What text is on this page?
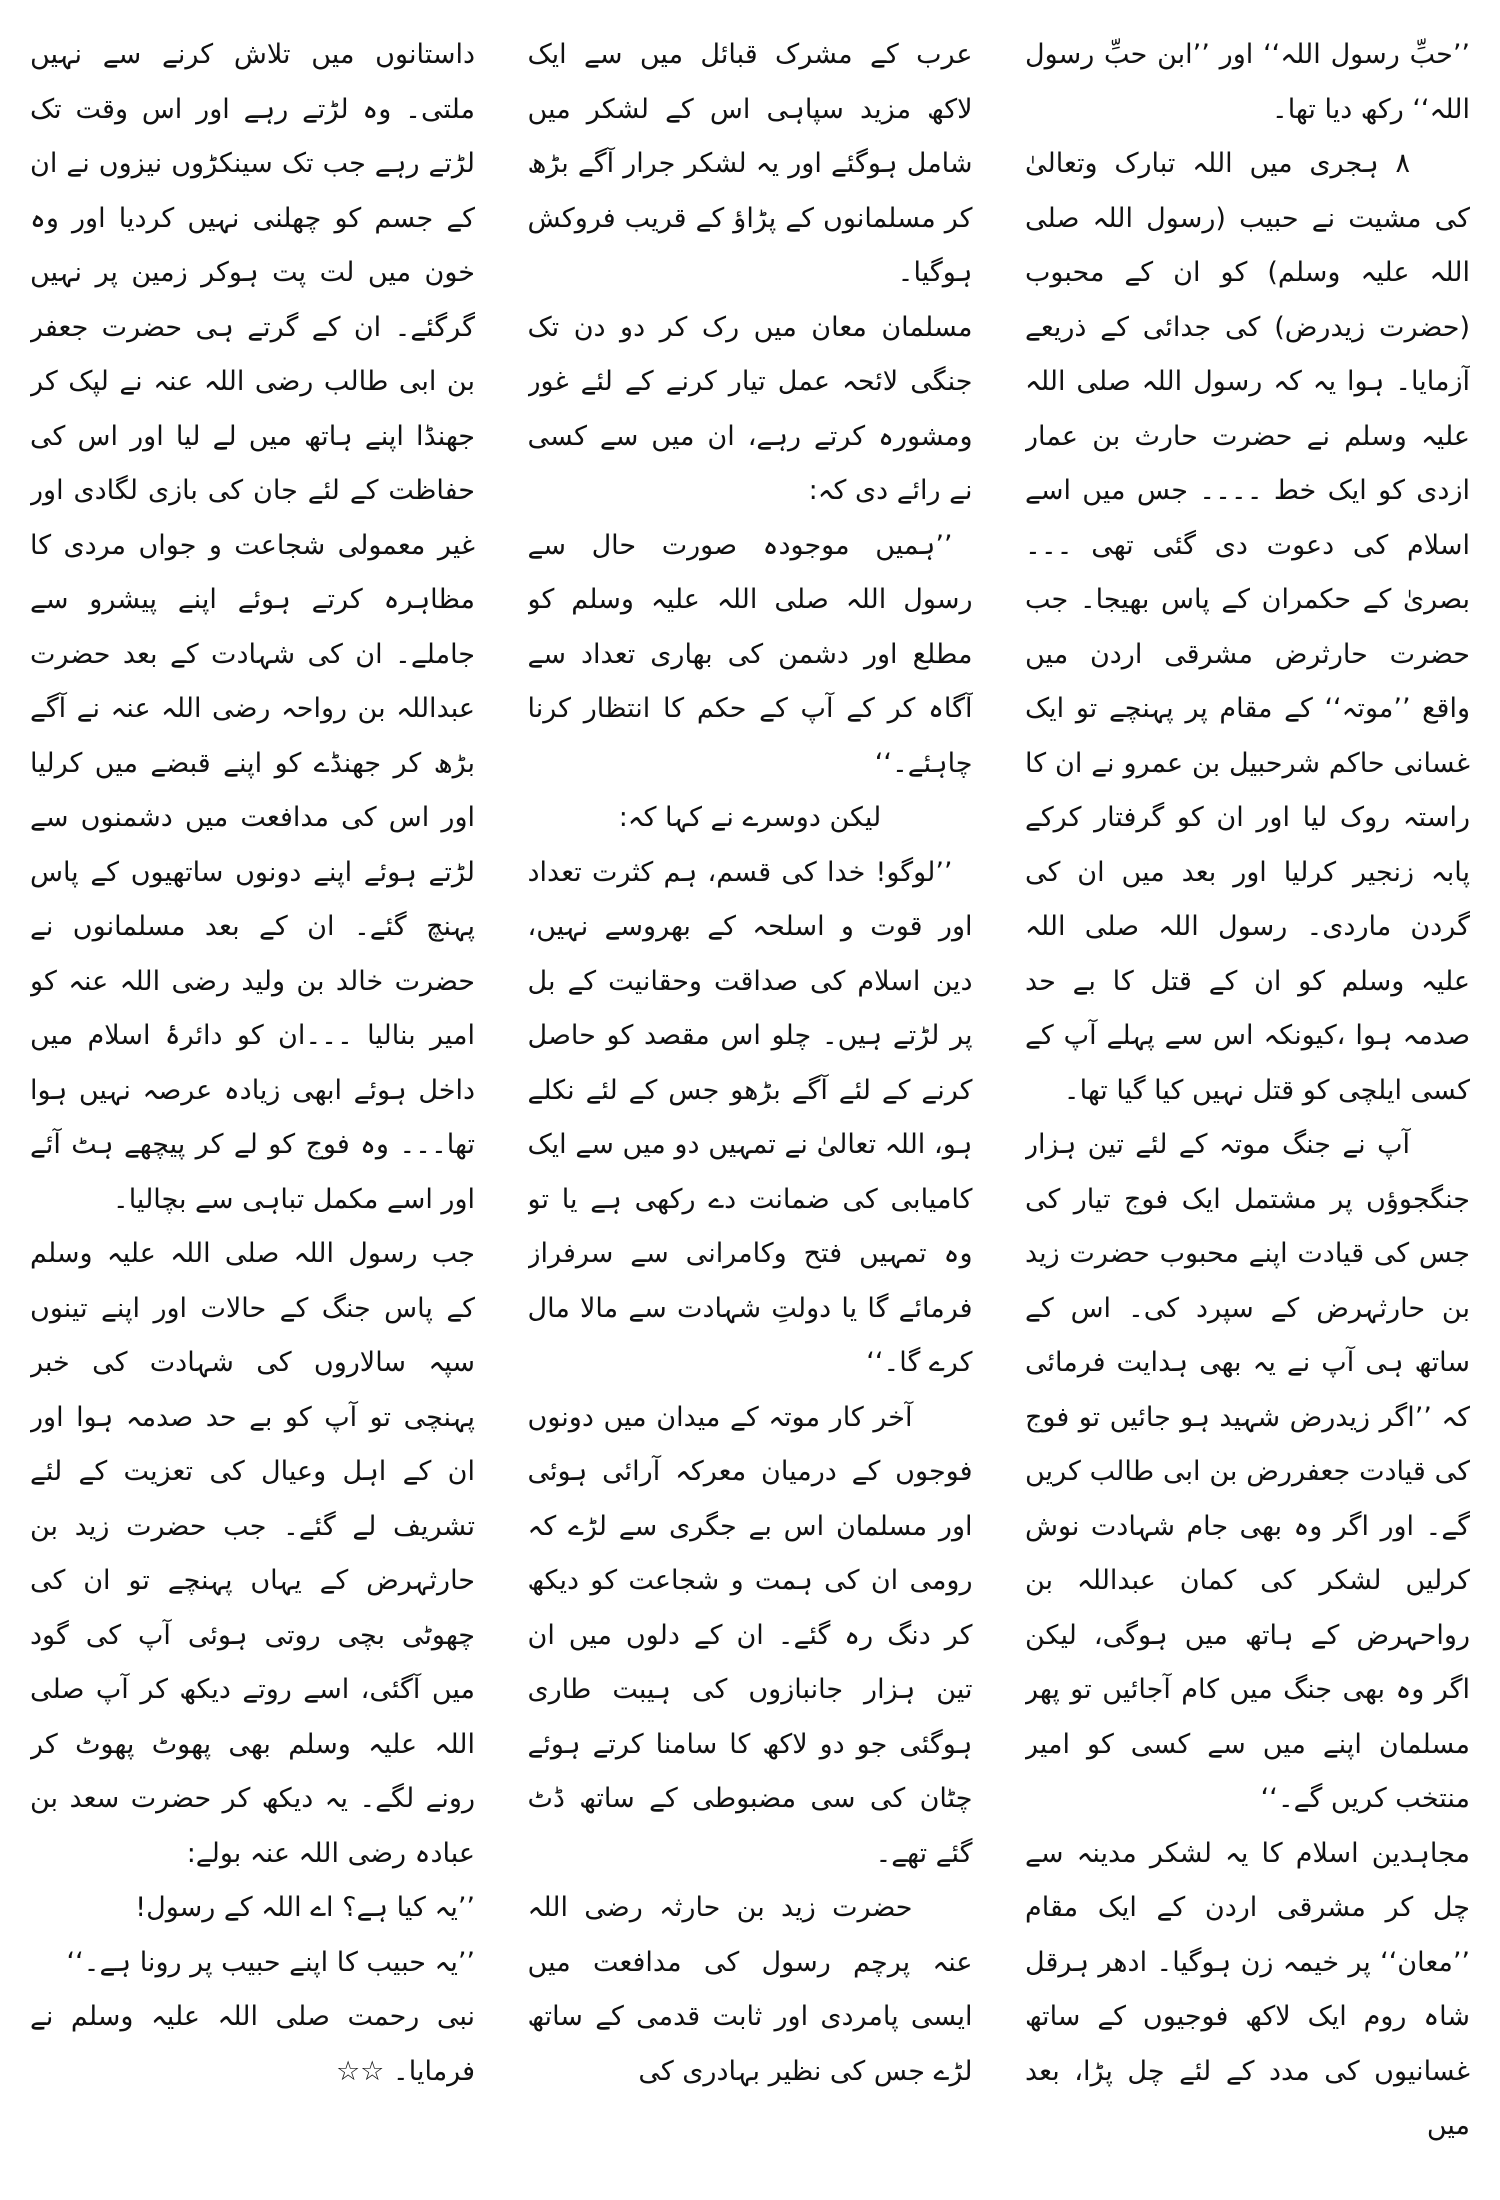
’’حبِّ رسول اللہ‘‘ اور ’’ابن حبِّ رسول اللہ‘‘ رکھ دیا تھا۔

۸ ہجری میں اللہ تبارک وتعالیٰ کی مشیت نے حبیب (رسول اللہ صلی اللہ علیہ وسلم) کو ان کے محبوب (حضرت زیدرض) کی جدائی کے ذریعے آزمایا۔ ہوا یہ کہ رسول اللہ صلی اللہ علیہ وسلم نے حضرت حارث بن عمار ازدی کو ایک خط ۔۔۔۔ جس میں اسے اسلام کی دعوت دی گئی تھی ۔۔۔ بصریٰ کے حکمران کے پاس بھیجا۔ جب حضرت حارثرض مشرقی اردن میں واقع ’’موتہ‘‘ کے مقام پر پہنچے تو ایک غسانی حاکم شرحبیل بن عمرو نے ان کا راستہ روک لیا اور ان کو گرفتار کرکے پابہ زنجیر کرلیا اور بعد میں ان کی گردن ماردی۔ رسول اللہ صلی اللہ علیہ وسلم کو ان کے قتل کا بے حد صدمہ ہوا ،کیونکہ اس سے پہلے آپ کے کسی ایلچی کو قتل نہیں کیا گیا تھا۔

آپ نے جنگ موتہ کے لئے تین ہزار جنگجوؤں پر مشتمل ایک فوج تیار کی جس کی قیادت اپنے محبوب حضرت زید بن حارثہرض کے سپرد کی۔ اس کے ساتھ ہی آپ نے یہ بھی ہدایت فرمائی کہ ’’اگر زیدرض شہید ہو جائیں تو فوج کی قیادت جعفررض بن ابی طالب کریں گے۔ اور اگر وہ بھی جام شہادت نوش کرلیں لشکر کی کمان عبداللہ بن رواحہرض کے ہاتھ میں ہوگی، لیکن اگر وہ بھی جنگ میں کام آجائیں تو پھر مسلمان اپنے میں سے کسی کو امیر منتخب کریں گے۔‘‘

مجاہدین اسلام کا یہ لشکر مدینہ سے چل کر مشرقی اردن کے ایک مقام ’’معان‘‘ پر خیمہ زن ہوگیا۔ ادھر ہرقل شاہ روم ایک لاکھ فوجیوں کے ساتھ غسانیوں کی مدد کے لئے چل پڑا، بعد میں

عرب کے مشرک قبائل میں سے ایک لاکھ مزید سپاہی اس کے لشکر میں شامل ہوگئے اور یہ لشکر جرار آگے بڑھ کر مسلمانوں کے پڑاؤ کے قریب فروکش ہوگیا۔

مسلمان معان میں رک کر دو دن تک جنگی لائحہ عمل تیار کرنے کے لئے غور ومشورہ کرتے رہے، ان میں سے کسی نے رائے دی کہ:

’’ہمیں موجودہ صورت حال سے رسول اللہ صلی اللہ علیہ وسلم کو مطلع اور دشمن کی بھاری تعداد سے آگاہ کر کے آپ کے حکم کا انتظار کرنا چاہئے۔‘‘

لیکن دوسرے نے کہا کہ:

’’لوگو! خدا کی قسم، ہم کثرت تعداد اور قوت و اسلحہ کے بھروسے نہیں، دین اسلام کی صداقت وحقانیت کے بل پر لڑتے ہیں۔ چلو اس مقصد کو حاصل کرنے کے لئے آگے بڑھو جس کے لئے نکلے ہو، اللہ تعالیٰ نے تمہیں دو میں سے ایک کامیابی کی ضمانت دے رکھی ہے یا تو وہ تمہیں فتح وکامرانی سے سرفراز فرمائے گا یا دولتِ شہادت سے مالا مال کرے گا۔‘‘

آخر کار موتہ کے میدان میں دونوں فوجوں کے درمیان معرکہ آرائی ہوئی اور مسلمان اس بے جگری سے لڑے کہ رومی ان کی ہمت و شجاعت کو دیکھ کر دنگ رہ گئے۔ ان کے دلوں میں ان تین ہزار جانبازوں کی ہیبت طاری ہوگئی جو دو لاکھ کا سامنا کرتے ہوئے چٹان کی سی مضبوطی کے ساتھ ڈٹ گئے تھے۔

حضرت زید بن حارثہ رضی اللہ عنہ پرچم رسول کی مدافعت میں ایسی پامردی اور ثابت قدمی کے ساتھ لڑے جس کی نظیر بہادری کی

داستانوں میں تلاش کرنے سے نہیں ملتی۔ وہ لڑتے رہے اور اس وقت تک لڑتے رہے جب تک سینکڑوں نیزوں نے ان کے جسم کو چھلنی نہیں کردیا اور وہ خون میں لت پت ہوکر زمین پر نہیں گرگئے۔ ان کے گرتے ہی حضرت جعفر بن ابی طالب رضی اللہ عنہ نے لپک کر جھنڈا اپنے ہاتھ میں لے لیا اور اس کی حفاظت کے لئے جان کی بازی لگادی اور غیر معمولی شجاعت و جواں مردی کا مظاہرہ کرتے ہوئے اپنے پیشرو سے جاملے۔ ان کی شہادت کے بعد حضرت عبداللہ بن رواحہ رضی اللہ عنہ نے آگے بڑھ کر جھنڈے کو اپنے قبضے میں کرلیا اور اس کی مدافعت میں دشمنوں سے لڑتے ہوئے اپنے دونوں ساتھیوں کے پاس پہنچ گئے۔ ان کے بعد مسلمانوں نے حضرت خالد بن ولید رضی اللہ عنہ کو امیر بنالیا ۔۔۔ان کو دائرۂ اسلام میں داخل ہوئے ابھی زیادہ عرصہ نہیں ہوا تھا۔۔۔ وہ فوج کو لے کر پیچھے ہٹ آئے اور اسے مکمل تباہی سے بچالیا۔

جب رسول اللہ صلی اللہ علیہ وسلم کے پاس جنگ کے حالات اور اپنے تینوں سپہ سالاروں کی شہادت کی خبر پہنچی تو آپ کو بے حد صدمہ ہوا اور ان کے اہل وعیال کی تعزیت کے لئے تشریف لے گئے۔ جب حضرت زید بن حارثہرض کے یہاں پہنچے تو ان کی چھوٹی بچی روتی ہوئی آپ کی گود میں آگئی، اسے روتے دیکھ کر آپ صلی اللہ علیہ وسلم بھی پھوٹ پھوٹ کر رونے لگے۔ یہ دیکھ کر حضرت سعد بن عبادہ رضی اللہ عنہ بولے:

’’یہ کیا ہے؟ اے اللہ کے رسول!

’’یہ حبیب کا اپنے حبیب پر رونا ہے۔‘‘

نبی رحمت صلی اللہ علیہ وسلم نے فرمایا۔ ☆☆
